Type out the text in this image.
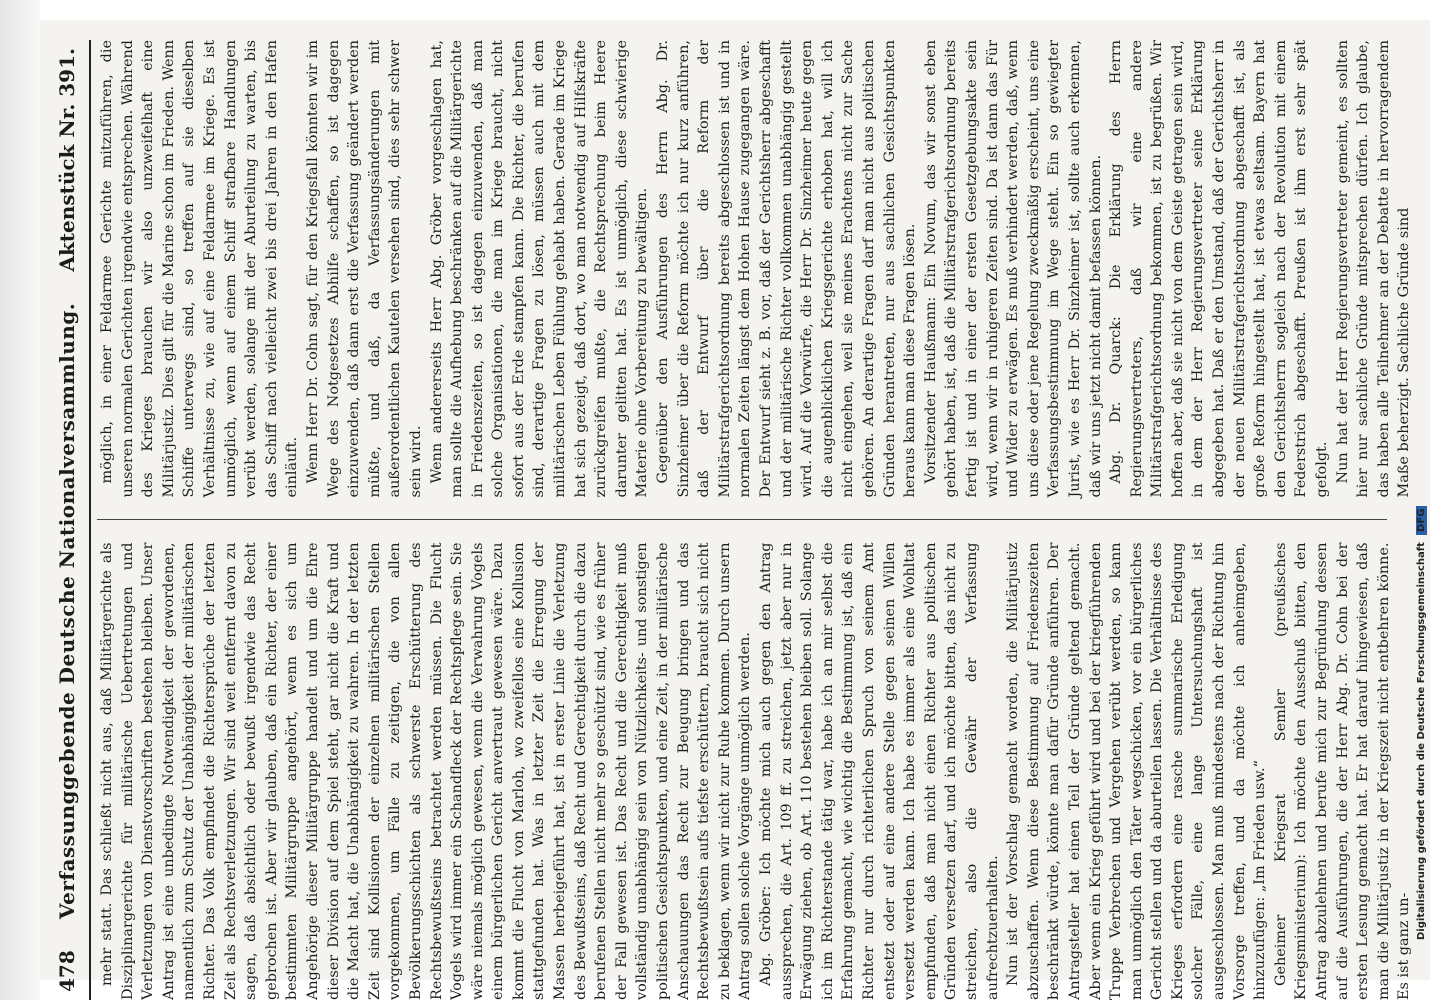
478
Verfassunggebende Deutsche Nationalversammlung.
Aktenstück Nr. 391.

mehr statt. Das schließt nicht aus, daß Militärgerichte als Disziplinargerichte für militärische Uebertretungen und Verletzungen von Dienstvorschriften bestehen bleiben. Unser Antrag ist eine unbedingte Notwendigkeit der gewordenen, namentlich zum Schutz der Unabhängigkeit der militärischen Richter. Das Volk empfindet die Richtersprüche der letzten Zeit als Rechtsverletzungen. Wir sind weit entfernt davon zu sagen, daß absichtlich oder bewußt irgendwie das Recht gebrochen ist. Aber wir glauben, daß ein Richter, der einer bestimmten Militärgruppe angehört, wenn es sich um Angehörige dieser Militärgruppe handelt und um die Ehre dieser Division auf dem Spiel steht, gar nicht die Kraft und die Macht hat, die Unabhängigkeit zu wahren. In der letzten Zeit sind Kollisionen der einzelnen militärischen Stellen vorgekommen, um Fälle zu zeitigen, die von allen Bevölkerungsschichten als schwerste Erschütterung des Rechtsbewußtseins betrachtet werden müssen. Die Flucht Vogels wird immer ein Schandfleck der Rechtspflege sein. Sie wäre niemals möglich gewesen, wenn die Verwahrung Vogels einem bürgerlichen Gericht anvertraut gewesen wäre. Dazu kommt die Flucht von Marloh, wo zweifellos eine Kollusion stattgefunden hat. Was in letzter Zeit die Erregung der Massen herbeigeführt hat, ist in erster Linie die Verletzung des Bewußtseins, daß Recht und Gerechtigkeit durch die dazu berufenen Stellen nicht mehr so geschützt sind, wie es früher der Fall gewesen ist. Das Recht und die Gerechtigkeit muß vollständig unabhängig sein von Nützlichkeits- und sonstigen politischen Gesichtspunkten, und eine Zeit, in der militärische Anschauungen das Recht zur Beugung bringen und das Rechtsbewußtsein aufs tiefste erschüttern, braucht sich nicht zu beklagen, wenn wir nicht zur Ruhe kommen. Durch unsern Antrag sollen solche Vorgänge unmöglich werden. Abg. Gröber: Ich möchte mich auch gegen den Antrag aussprechen, die Art. 109 ff. zu streichen, jetzt aber nur in Erwägung ziehen, ob Art. 110 bestehen bleiben soll. Solange ich im Richterstande tätig war, habe ich an mir selbst die Erfahrung gemacht, wie wichtig die Bestimmung ist, daß ein Richter nur durch richterlichen Spruch von seinem Amt entsetzt oder auf eine andere Stelle gegen seinen Willen versetzt werden kann. Ich habe es immer als eine Wohltat empfunden, daß man nicht einen Richter aus politischen Gründen versetzen darf, und ich möchte bitten, das nicht zu streichen, also die Gewähr der Verfassung aufrechtzuerhalten. Nun ist der Vorschlag gemacht worden, die Militärjustiz abzuschaffen. Wenn diese Bestimmung auf Friedenszeiten beschränkt würde, könnte man dafür Gründe anführen. Der Antragsteller hat einen Teil der Gründe geltend gemacht. Aber wenn ein Krieg geführt wird und bei der kriegführenden Truppe Verbrechen und Vergehen verübt werden, so kann man unmöglich den Täter wegschicken, vor ein bürgerliches Gericht stellen und da aburteilen lassen. Die Verhältnisse des Krieges erfordern eine rasche summarische Erledigung solcher Fälle, eine lange Untersuchungshaft ist ausgeschlossen. Man muß mindestens nach der Richtung hin Vorsorge treffen, und da möchte ich anheimgeben, hinzuzufügen: „Im Frieden usw.“ Geheimer Kriegsrat Semler (preußisches Kriegsministerium): Ich möchte den Ausschuß bitten, den Antrag abzulehnen und berufe mich zur Begründung dessen auf die Ausführungen, die der Herr Abg. Dr. Cohn bei der ersten Lesung gemacht hat. Er hat darauf hingewiesen, daß man die Militärjustiz in der Kriegszeit nicht entbehren könne. Es ist ganz un-

möglich, in einer Feldarmee Gerichte mitzuführen, die unseren normalen Gerichten irgendwie entsprechen. Während des Krieges brauchen wir also unzweifelhaft eine Militärjustiz. Dies gilt für die Marine schon im Frieden. Wenn Schiffe unterwegs sind, so treffen auf sie dieselben Verhältnisse zu, wie auf eine Feldarmee im Kriege. Es ist unmöglich, wenn auf einem Schiff strafbare Handlungen verübt werden, solange mit der Aburteilung zu warten, bis das Schiff nach vielleicht zwei bis drei Jahren in den Hafen einläuft. Wenn Herr Dr. Cohn sagt, für den Kriegsfall könnten wir im Wege des Notgesetzes Abhilfe schaffen, so ist dagegen einzuwenden, daß dann erst die Verfassung geändert werden müßte, und daß, da Verfassungsänderungen mit außerordentlichen Kautelen versehen sind, dies sehr schwer sein wird. Wenn andererseits Herr Abg. Gröber vorgeschlagen hat, man sollte die Aufhebung beschränken auf die Militärgerichte in Friedenszeiten, so ist dagegen einzuwenden, daß man solche Organisationen, die man im Kriege braucht, nicht sofort aus der Erde stampfen kann. Die Richter, die berufen sind, derartige Fragen zu lösen, müssen auch mit dem militärischen Leben Fühlung gehabt haben. Gerade im Kriege hat sich gezeigt, daß dort, wo man notwendig auf Hilfskräfte zurückgreifen mußte, die Rechtsprechung beim Heere darunter gelitten hat. Es ist unmöglich, diese schwierige Materie ohne Vorbereitung zu bewältigen. Gegenüber den Ausführungen des Herrn Abg. Dr. Sinzheimer über die Reform möchte ich nur kurz anführen, daß der Entwurf über die Reform der Militärstrafgerichtsordnung bereits abgeschlossen ist und in normalen Zeiten längst dem Hohen Hause zugegangen wäre. Der Entwurf sieht z. B. vor, daß der Gerichtsherr abgeschafft und der militärische Richter vollkommen unabhängig gestellt wird. Auf die Vorwürfe, die Herr Dr. Sinzheimer heute gegen die augenblicklichen Kriegsgerichte erhoben hat, will ich nicht eingehen, weil sie meines Erachtens nicht zur Sache gehören. An derartige Fragen darf man nicht aus politischen Gründen herantreten, nur aus sachlichen Gesichtspunkten heraus kann man diese Fragen lösen. Vorsitzender Haußmann: Ein Novum, das wir sonst eben gehört haben, ist, daß die Militärstrafgerichtsordnung bereits fertig ist und in einer der ersten Gesetzgebungsakte sein wird, wenn wir in ruhigeren Zeiten sind. Da ist dann das Für und Wider zu erwägen. Es muß verhindert werden, daß, wenn uns diese oder jene Regelung zweckmäßig erscheint, uns eine Verfassungsbestimmung im Wege steht. Ein so gewiegter Jurist, wie es Herr Dr. Sinzheimer ist, sollte auch erkennen, daß wir uns jetzt nicht damit befassen können. Abg. Dr. Quarck: Die Erklärung des Herrn Regierungsvertreters, daß wir eine andere Militärstrafgerichtsordnung bekommen, ist zu begrüßen. Wir hoffen aber, daß sie nicht von dem Geiste getragen sein wird, in dem der Herr Regierungsvertreter seine Erklärung abgegeben hat. Daß er den Umstand, daß der Gerichtsherr in der neuen Militärstrafgerichtsordnung abgeschafft ist, als große Reform hingestellt hat, ist etwas seltsam. Bayern hat den Gerichtsherrn sogleich nach der Revolution mit einem Federstrich abgeschafft. Preußen ist ihm erst sehr spät gefolgt. Nun hat der Herr Regierungsvertreter gemeint, es sollten hier nur sachliche Gründe mitsprechen dürfen. Ich glaube, das haben alle Teilnehmer an der Debatte in hervorragendem Maße beherzigt. Sachliche Gründe sind

Digitalisierung gefördert durch die Deutsche Forschungsgemeinschaft DFG
